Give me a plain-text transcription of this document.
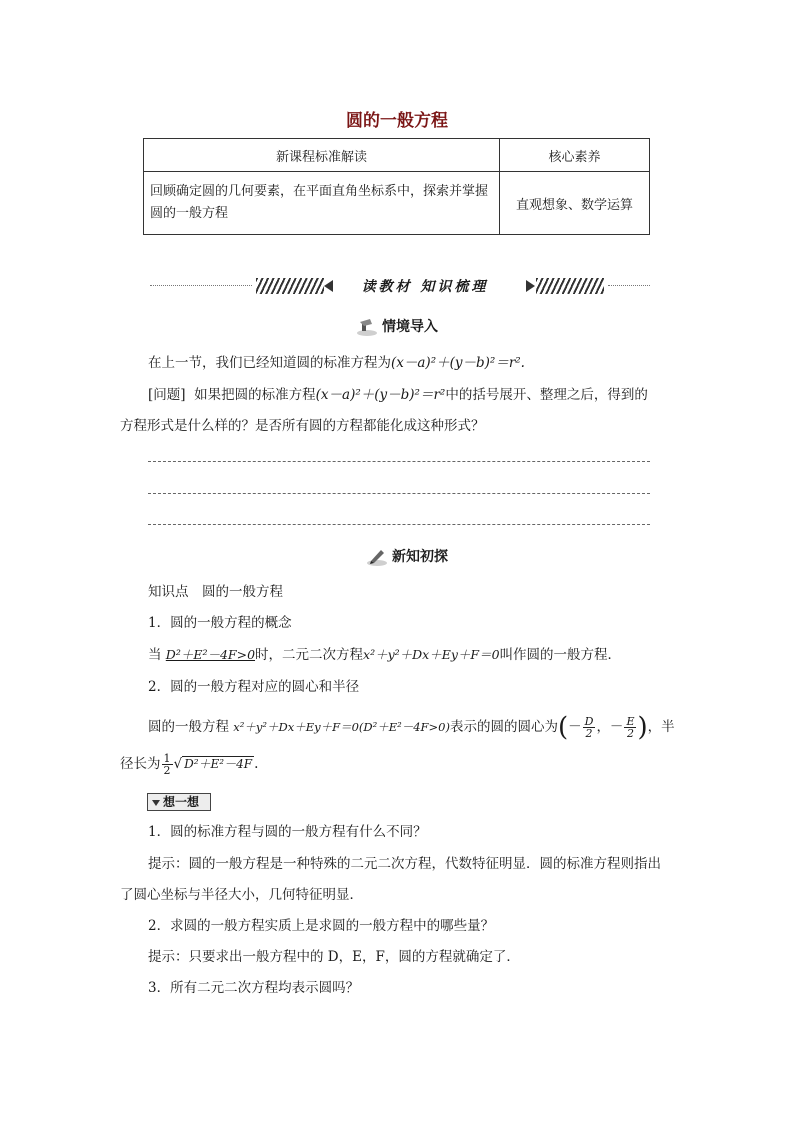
圆的一般方程
新课程标准解读	核心素养
回顾确定圆的几何要素，在平面直角坐标系中，探索并掌握圆的一般方程	直观想象、数学运算
读教材 知识梳理
情境导入
在上一节，我们已经知道圆的标准方程为(x－a)²＋(y－b)²＝r².
[问题] 如果把圆的标准方程(x－a)²＋(y－b)²＝r²中的括号展开、整理之后，得到的
方程形式是什么样的？是否所有圆的方程都能化成这种形式？
新知初探
知识点　圆的一般方程
1．圆的一般方程的概念
当 D²＋E²－4F>0时，二元二次方程x²＋y²＋Dx＋Ey＋F＝0叫作圆的一般方程．
2．圆的一般方程对应的圆心和半径
圆的一般方程 x²＋y²＋Dx＋Ey＋F＝0(D²＋E²－4F>0)表示的圆的圆心为(－ $\frac{D}{2}$ ，－ $\frac{E}{2}$ )，半
径长为 $\frac{1}{2}$ √ D²＋E²－4F .
想一想
1．圆的标准方程与圆的一般方程有什么不同？
提示：圆的一般方程是一种特殊的二元二次方程，代数特征明显．圆的标准方程则指出
了圆心坐标与半径大小，几何特征明显．
2．求圆的一般方程实质上是求圆的一般方程中的哪些量？
提示：只要求出一般方程中的 D，E，F，圆的方程就确定了．
3．所有二元二次方程均表示圆吗？
